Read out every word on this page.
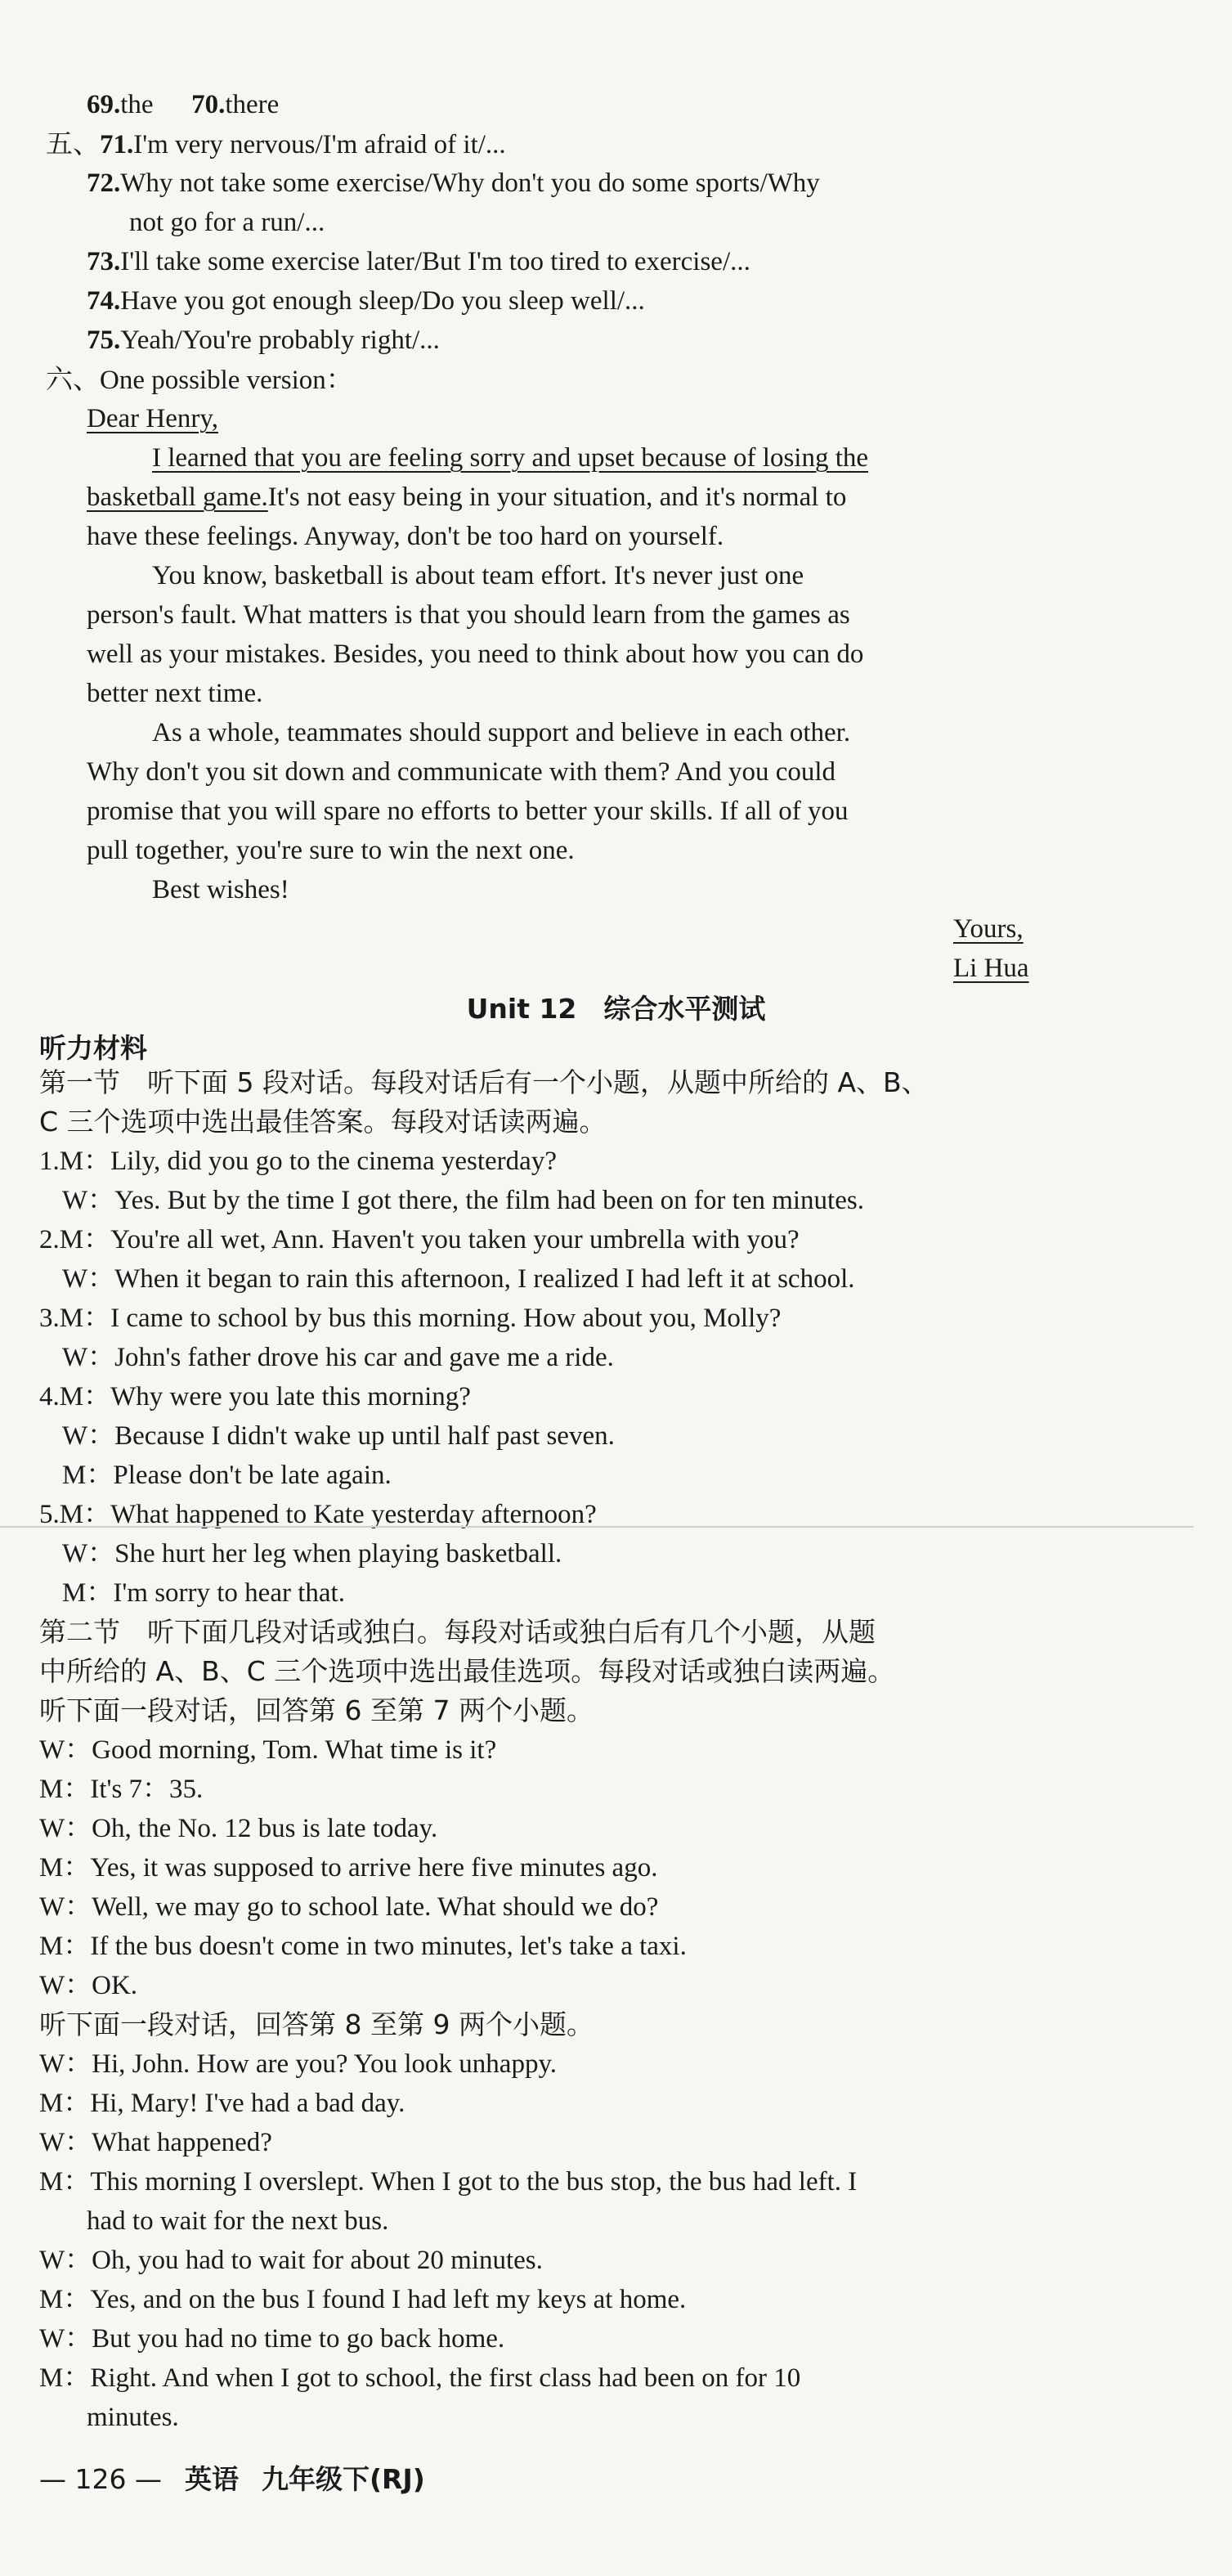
69.the 70.there
五、71.I'm very nervous/I'm afraid of it/...
72.Why not take some exercise/Why don't you do some sports/Why
not go for a run/...
73.I'll take some exercise later/But I'm too tired to exercise/...
74.Have you got enough sleep/Do you sleep well/...
75.Yeah/You're probably right/...
六、One possible version：
Dear Henry,
I learned that you are feeling sorry and upset because of losing the
basketball game.It's not easy being in your situation, and it's normal to
have these feelings. Anyway, don't be too hard on yourself.
You know, basketball is about team effort. It's never just one
person's fault. What matters is that you should learn from the games as
well as your mistakes. Besides, you need to think about how you can do
better next time.
As a whole, teammates should support and believe in each other.
Why don't you sit down and communicate with them? And you could
promise that you will spare no efforts to better your skills. If all of you
pull together, you're sure to win the next one.
Best wishes!
Yours,
Li Hua
Unit 12　综合水平测试
听力材料
第一节　听下面 5 段对话。每段对话后有一个小题，从题中所给的 A、B、
C 三个选项中选出最佳答案。每段对话读两遍。
1.M：Lily, did you go to the cinema yesterday?
W：Yes. But by the time I got there, the film had been on for ten minutes.
2.M：You're all wet, Ann. Haven't you taken your umbrella with you?
W：When it began to rain this afternoon, I realized I had left it at school.
3.M：I came to school by bus this morning. How about you, Molly?
W：John's father drove his car and gave me a ride.
4.M：Why were you late this morning?
W：Because I didn't wake up until half past seven.
M：Please don't be late again.
5.M：What happened to Kate yesterday afternoon?
W：She hurt her leg when playing basketball.
M：I'm sorry to hear that.
第二节　听下面几段对话或独白。每段对话或独白后有几个小题，从题
中所给的 A、B、C 三个选项中选出最佳选项。每段对话或独白读两遍。
听下面一段对话，回答第 6 至第 7 两个小题。
W：Good morning, Tom. What time is it?
M：It's 7：35.
W：Oh, the No. 12 bus is late today.
M：Yes, it was supposed to arrive here five minutes ago.
W：Well, we may go to school late. What should we do?
M：If the bus doesn't come in two minutes, let's take a taxi.
W：OK.
听下面一段对话，回答第 8 至第 9 两个小题。
W：Hi, John. How are you? You look unhappy.
M：Hi, Mary! I've had a bad day.
W：What happened?
M：This morning I overslept. When I got to the bus stop, the bus had left. I
had to wait for the next bus.
W：Oh, you had to wait for about 20 minutes.
M：Yes, and on the bus I found I had left my keys at home.
W：But you had no time to go back home.
M：Right. And when I got to school, the first class had been on for 10
minutes.
— 126 — 英语 九年级下(RJ)
